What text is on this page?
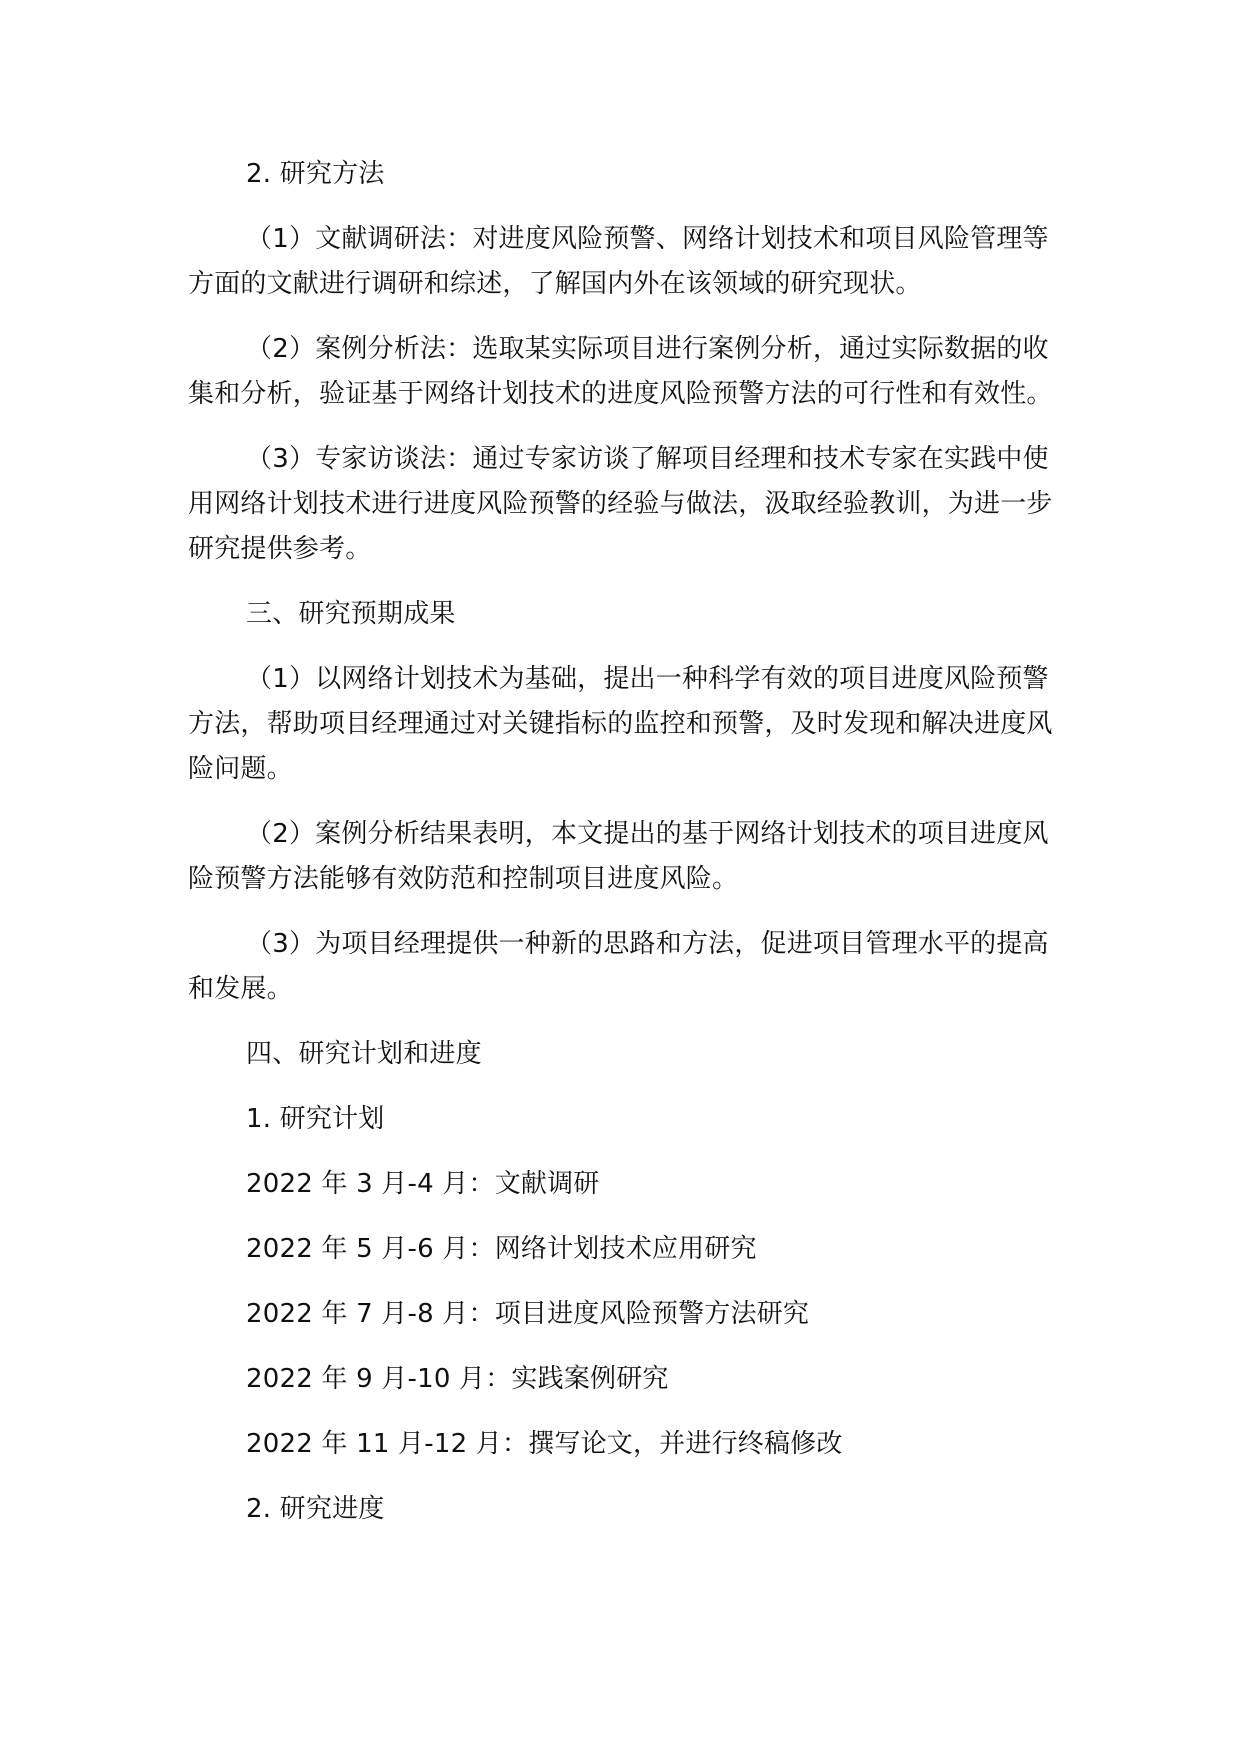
2. 研究方法

（1）文献调研法：对进度风险预警、网络计划技术和项目风险管理等方面的文献进行调研和综述，了解国内外在该领域的研究现状。

（2）案例分析法：选取某实际项目进行案例分析，通过实际数据的收集和分析，验证基于网络计划技术的进度风险预警方法的可行性和有效性。

（3）专家访谈法：通过专家访谈了解项目经理和技术专家在实践中使用网络计划技术进行进度风险预警的经验与做法，汲取经验教训，为进一步研究提供参考。

三、研究预期成果

（1）以网络计划技术为基础，提出一种科学有效的项目进度风险预警方法，帮助项目经理通过对关键指标的监控和预警，及时发现和解决进度风险问题。

（2）案例分析结果表明，本文提出的基于网络计划技术的项目进度风险预警方法能够有效防范和控制项目进度风险。

（3）为项目经理提供一种新的思路和方法，促进项目管理水平的提高和发展。

四、研究计划和进度

1. 研究计划

2022 年 3 月-4 月：文献调研

2022 年 5 月-6 月：网络计划技术应用研究

2022 年 7 月-8 月：项目进度风险预警方法研究

2022 年 9 月-10 月：实践案例研究

2022 年 11 月-12 月：撰写论文，并进行终稿修改

2. 研究进度
